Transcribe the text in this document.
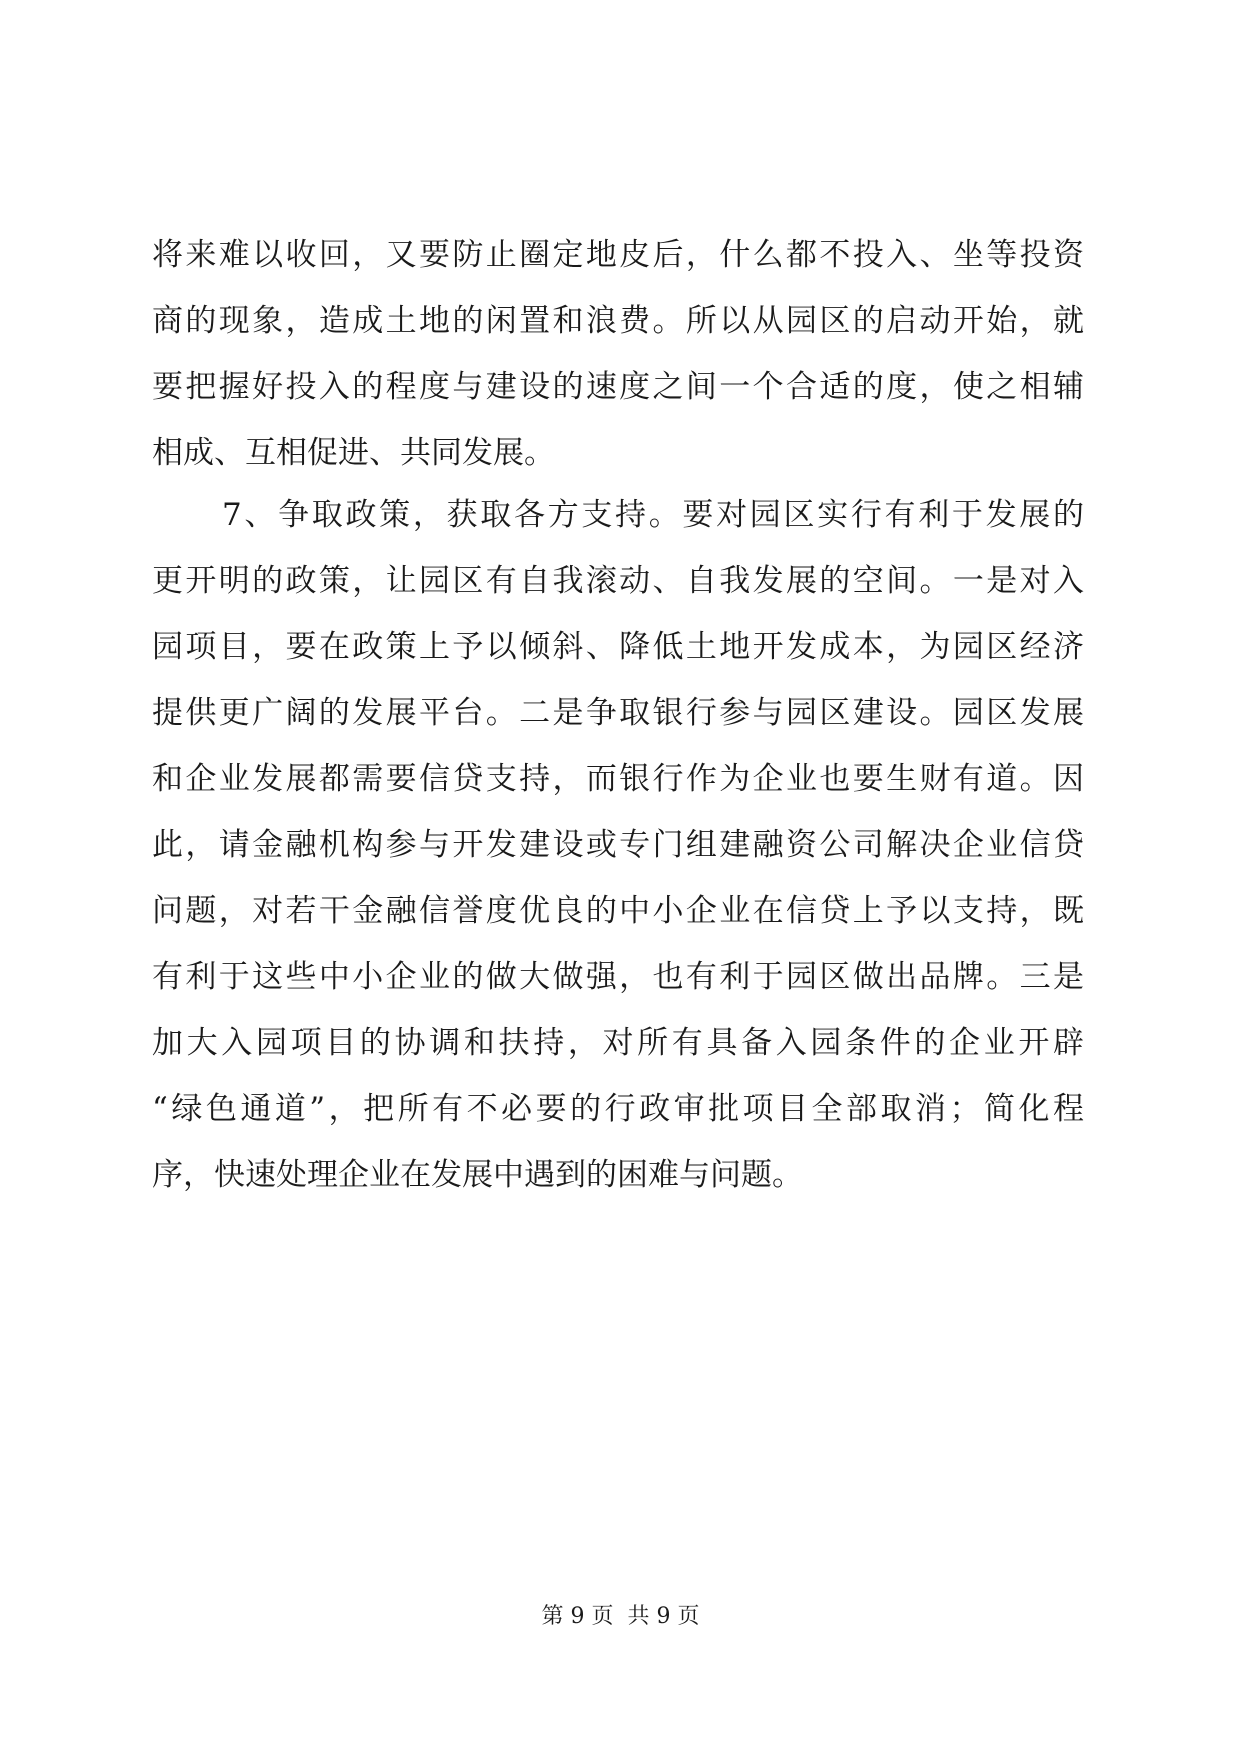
将来难以收回，又要防止圈定地皮后，什么都不投入、坐等投资
商的现象，造成土地的闲置和浪费。所以从园区的启动开始，就
要把握好投入的程度与建设的速度之间一个合适的度，使之相辅
相成、互相促进、共同发展。
7、争取政策，获取各方支持。要对园区实行有利于发展的
更开明的政策，让园区有自我滚动、自我发展的空间。一是对入
园项目，要在政策上予以倾斜、降低土地开发成本，为园区经济
提供更广阔的发展平台。二是争取银行参与园区建设。园区发展
和企业发展都需要信贷支持，而银行作为企业也要生财有道。因
此，请金融机构参与开发建设或专门组建融资公司解决企业信贷
问题，对若干金融信誉度优良的中小企业在信贷上予以支持，既
有利于这些中小企业的做大做强，也有利于园区做出品牌。三是
加大入园项目的协调和扶持，对所有具备入园条件的企业开辟
“绿色通道”，把所有不必要的行政审批项目全部取消；简化程
序，快速处理企业在发展中遇到的困难与问题。
第 9 页  共 9 页
